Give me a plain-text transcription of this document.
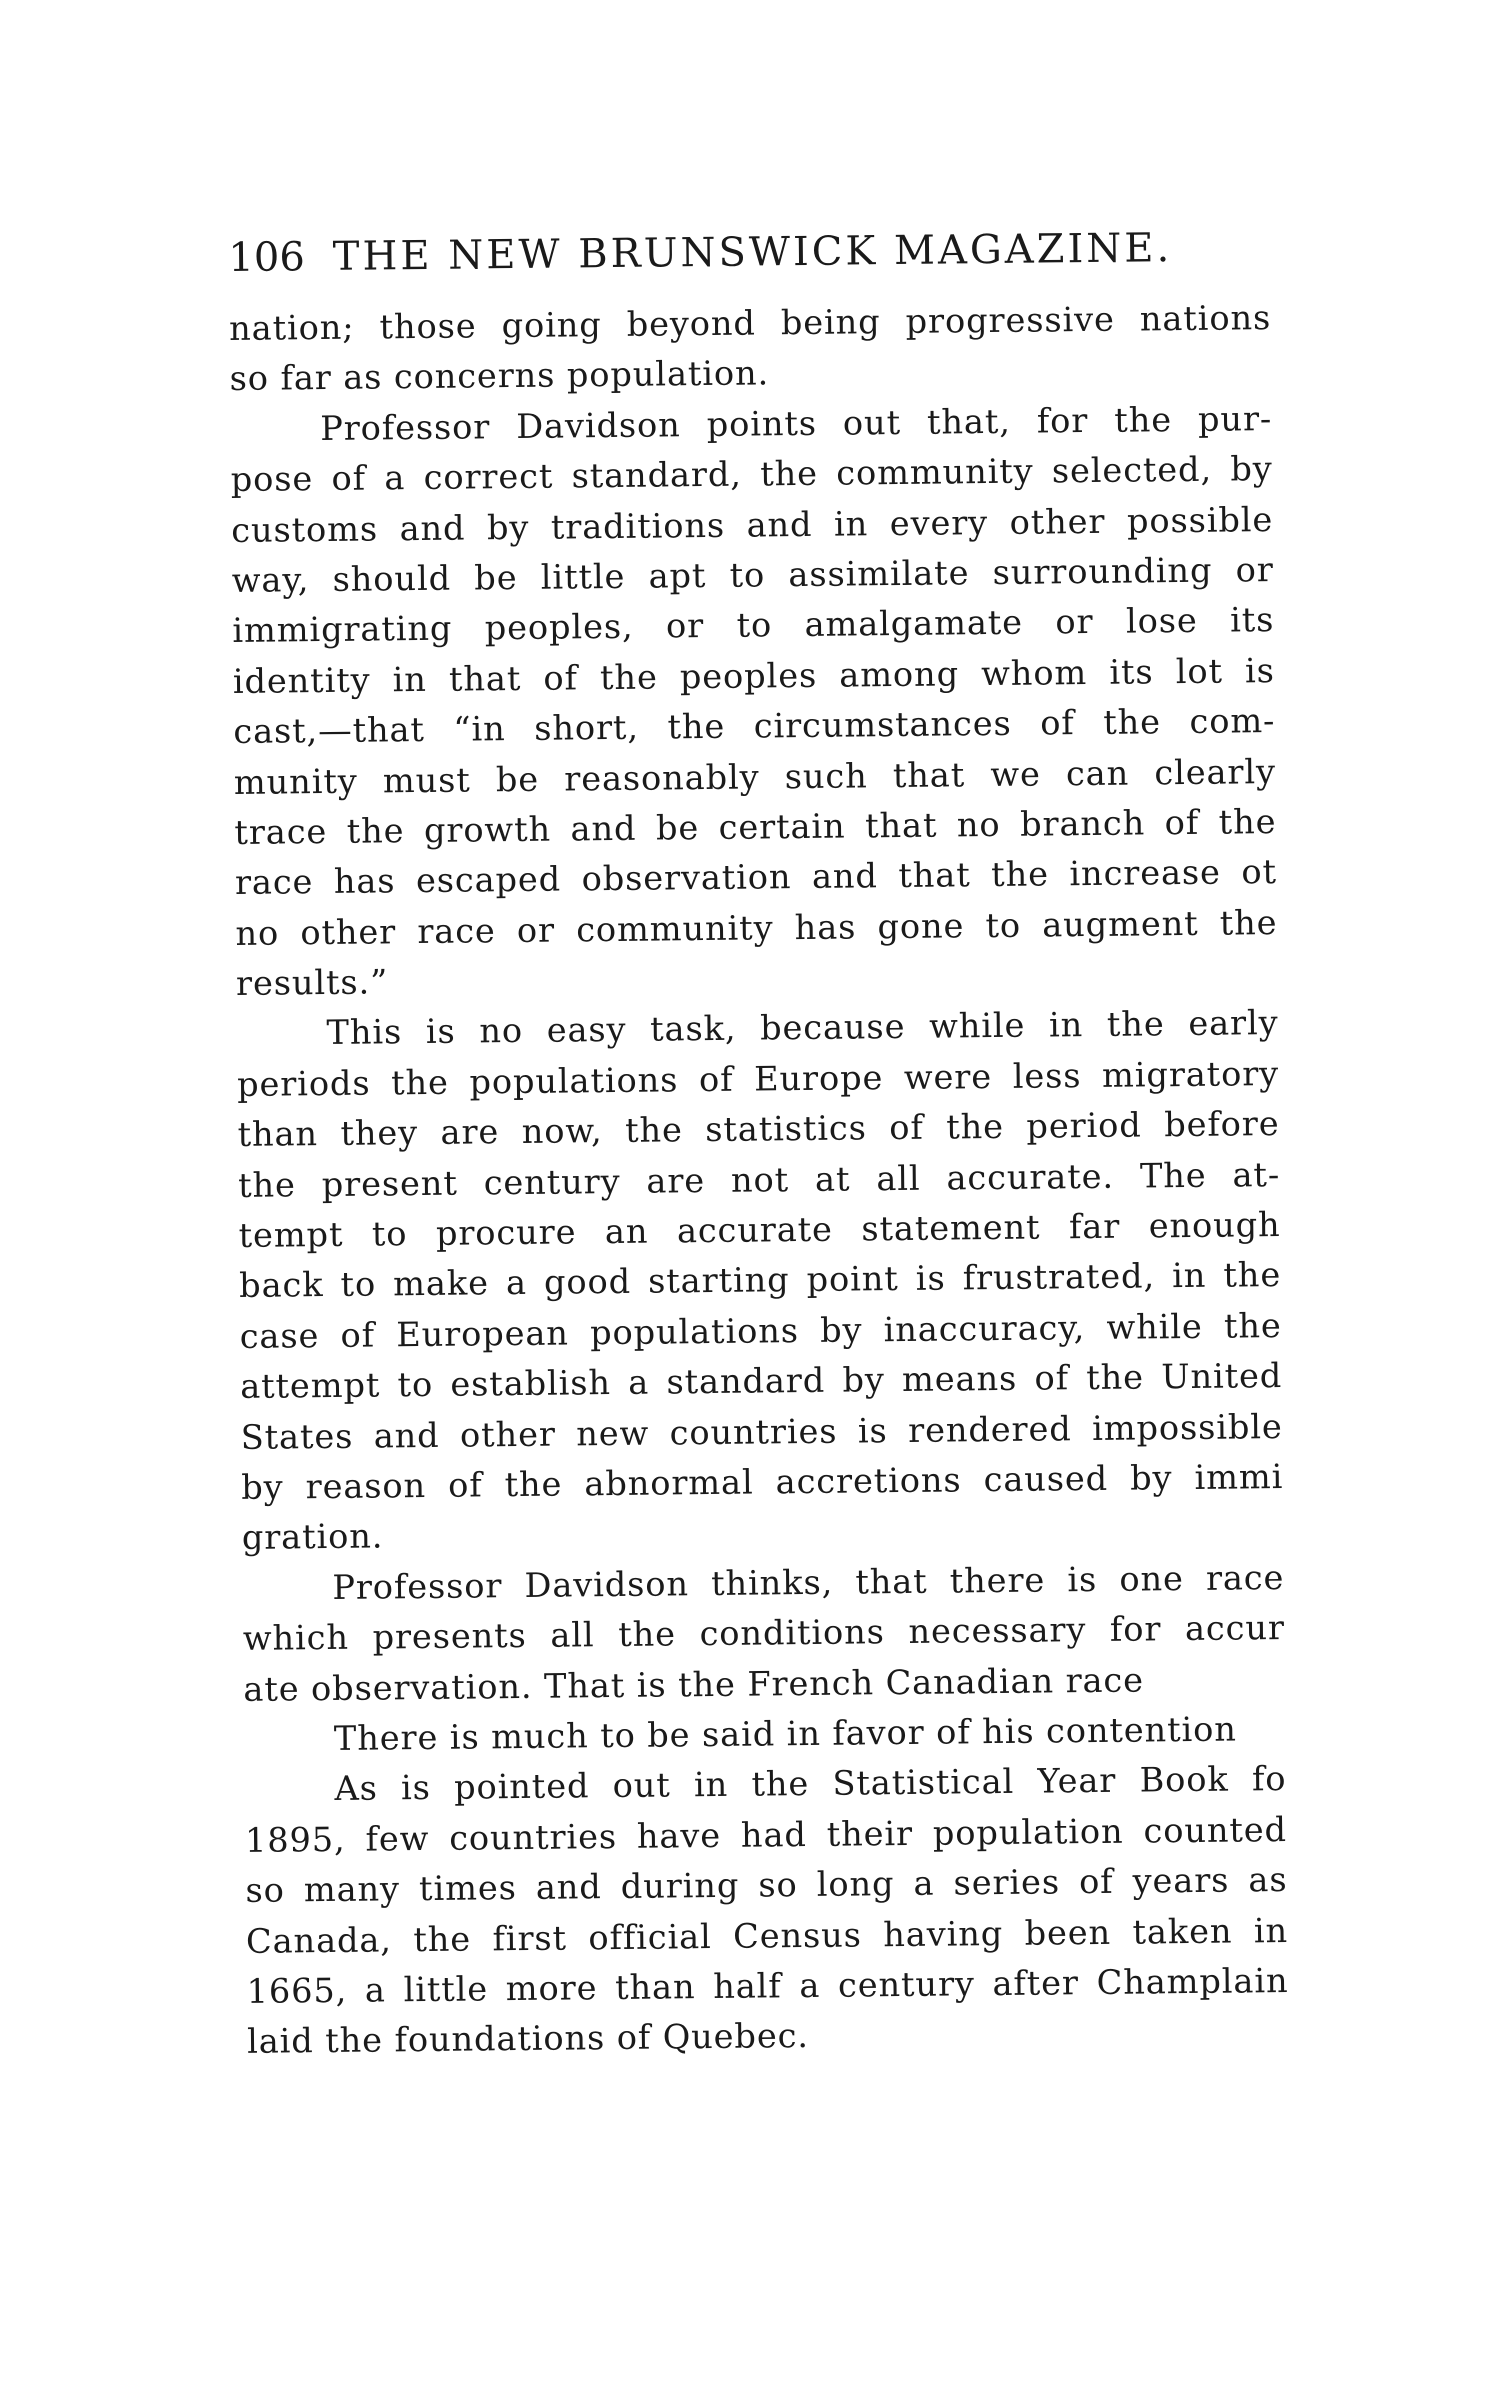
106 THE NEW BRUNSWICK MAGAZINE.
nation; those going beyond being progressive nations
so far as concerns population.
Professor Davidson points out that, for the pur-
pose of a correct standard, the community selected, by
customs and by traditions and in every other possible
way, should be little apt to assimilate surrounding or
immigrating peoples, or to amalgamate or lose its
identity in that of the peoples among whom its lot is
cast,—that “in short, the circumstances of the com-
munity must be reasonably such that we can clearly
trace the growth and be certain that no branch of the
race has escaped observation and that the increase ot
no other race or community has gone to augment the
results.”
This is no easy task, because while in the early
periods the populations of Europe were less migratory
than they are now, the statistics of the period before
the present century are not at all accurate. The at-
tempt to procure an accurate statement far enough
back to make a good starting point is frustrated, in the
case of European populations by inaccuracy, while the
attempt to establish a standard by means of the United
States and other new countries is rendered impossible
by reason of the abnormal accretions caused by immi
gration.
Professor Davidson thinks, that there is one race
which presents all the conditions necessary for accur
ate observation. That is the French Canadian race
There is much to be said in favor of his contention
As is pointed out in the Statistical Year Book fo
1895, few countries have had their population counted
so many times and during so long a series of years as
Canada, the first official Census having been taken in
1665, a little more than half a century after Champlain
laid the foundations of Quebec.
